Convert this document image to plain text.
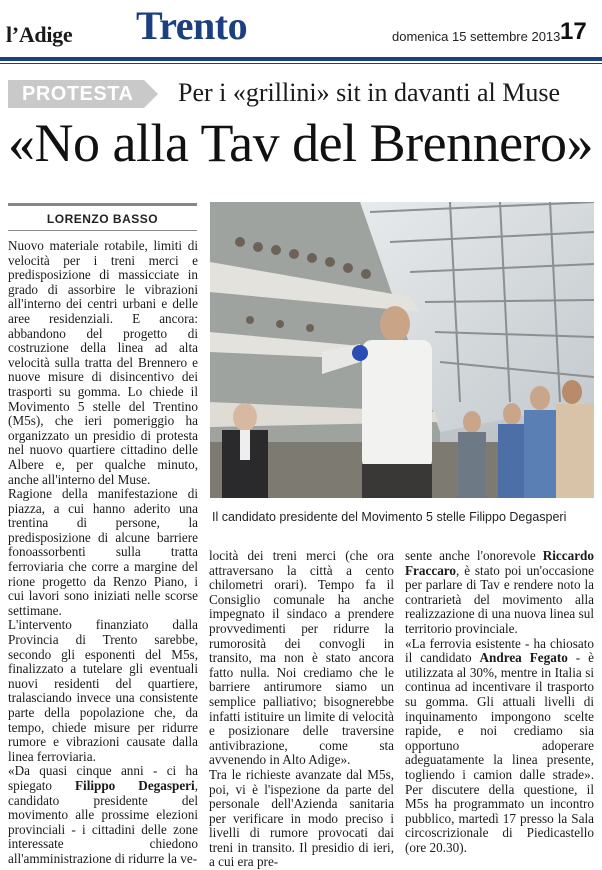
l’Adige Trento	domenica 15 settembre 2013 17
PROTESTA Per i «grillini» sit in davanti al Muse
«No alla Tav del Brennero»
LORENZO BASSO

Nuovo materiale rotabile, limiti di velocità per i treni merci e predisposizione di massicciate in grado di assorbire le vibrazioni all'interno dei centri urbani e delle aree residenziali. E ancora: abbandono del progetto di costruzione della linea ad alta velocità sulla tratta del Brennero e nuove misure di disincentivo dei trasporti su gomma. Lo chiede il Movimento 5 stelle del Trentino (M5s), che ieri pomeriggio ha organizzato un presidio di protesta nel nuovo quartiere cittadino delle Albere e, per qualche minuto, anche all'interno del Muse.

Ragione della manifestazione di piazza, a cui hanno aderito una trentina di persone, la predisposizione di alcune barriere fonoassorbenti sulla tratta ferroviaria che corre a margine del rione progetto da Renzo Piano, i cui lavori sono iniziati nelle scorse settimane.

L'intervento finanziato dalla Provincia di Trento sarebbe, secondo gli esponenti del M5s, finalizzato a tutelare gli eventuali nuovi residenti del quartiere, tralasciando invece una consistente parte della popolazione che, da tempo, chiede misure per ridurre rumore e vibrazioni causate dalla linea ferroviaria.

«Da quasi cinque anni - ci ha spiegato Filippo Degasperi, candidato presidente del movimento alle prossime elezioni provinciali - i cittadini delle zone interessate chiedono all'amministrazione di ridurre la ve-

Il candidato presidente del Movimento 5 stelle Filippo Degasperi

locità dei treni merci (che ora attraversano la città a cento chilometri orari). Tempo fa il Consiglio comunale ha anche impegnato il sindaco a prendere provvedimenti per ridurre la rumorosità dei convogli in transito, ma non è stato ancora fatto nulla. Noi crediamo che le barriere antirumore siamo un semplice palliativo; bisognerebbe infatti istituire un limite di velocità e posizionare delle traversine antivibrazione, come sta avvenendo in Alto Adige».

Tra le richieste avanzate dal M5s, poi, vi è l'ispezione da parte del personale dell'Azienda sanitaria per verificare in modo preciso i livelli di rumore provocati dai treni in transito. Il presidio di ieri, a cui era pre-

sente anche l'onorevole Riccardo Fraccaro, è stato poi un'occasione per parlare di Tav e rendere noto la contrarietà del movimento alla realizzazione di una nuova linea sul territorio provinciale.

«La ferrovia esistente - ha chiosato il candidato Andrea Fegato - è utilizzata al 30%, mentre in Italia si continua ad incentivare il trasporto su gomma. Gli attuali livelli di inquinamento impongono scelte rapide, e noi crediamo sia opportuno adoperare adeguatamente la linea presente, togliendo i camion dalle strade». Per discutere della questione, il M5s ha programmato un incontro pubblico, martedì 17 presso la Sala circoscrizionale di Piedicastello (ore 20.30).
